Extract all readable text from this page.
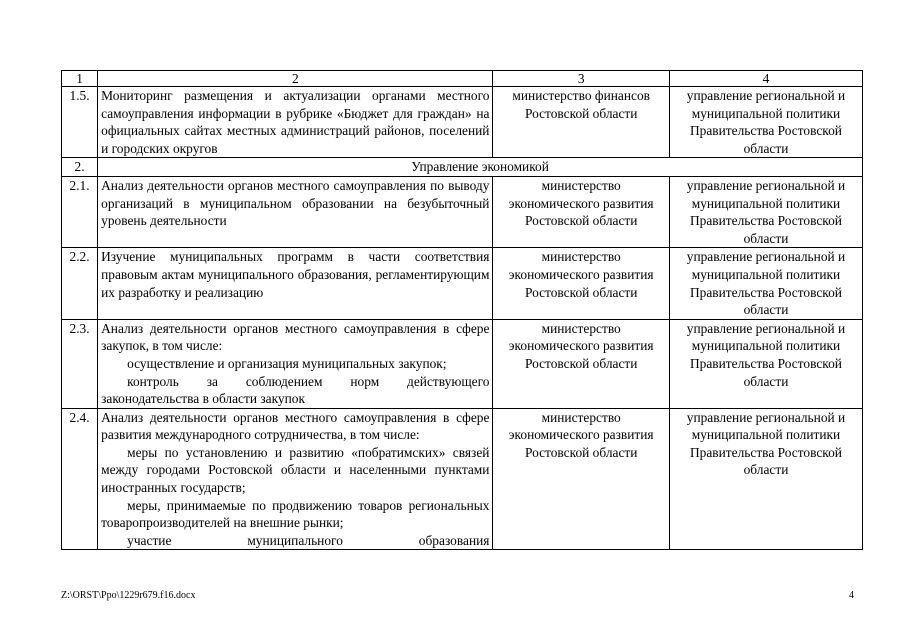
1	2	3	4
1.5.	Мониторинг размещения и актуализации органами местного самоуправления информации в рубрике «Бюджет для граждан» на официальных сайтах местных администраций районов, поселений и городских округов	министерство финансов Ростовской области	управление региональной и муниципальной политики Правительства Ростовской области
2.	Управление экономикой		
2.1.	Анализ деятельности органов местного самоуправления по выводу организаций в муниципальном образовании на безубыточный уровень деятельности	министерство экономического развития Ростовской области	управление региональной и муниципальной политики Правительства Ростовской области
2.2.	Изучение муниципальных программ в части соответствия правовым актам муниципального образования, регламентирующим их разработку и реализацию	министерство экономического развития Ростовской области	управление региональной и муниципальной политики Правительства Ростовской области
2.3.	Анализ деятельности органов местного самоуправления в сфере закупок, в том числе:

осуществление и организация муниципальных закупок;

контроль за соблюдением норм действующего законодательства в области закупок	министерство экономического развития Ростовской области	управление региональной и муниципальной политики Правительства Ростовской области
2.4.	Анализ деятельности органов местного самоуправления в сфере развития международного сотрудничества, в том числе:

меры по установлению и развитию «побратимских» связей между городами Ростовской области и населенными пунктами иностранных государств;

меры, принимаемые по продвижению товаров региональных товаропроизводителей на внешние рынки;

участие муниципального образования	министерство экономического развития Ростовской области	управление региональной и муниципальной политики Правительства Ростовской области
Z:\ORST\Ppo\1229r679.f16.docx	4
